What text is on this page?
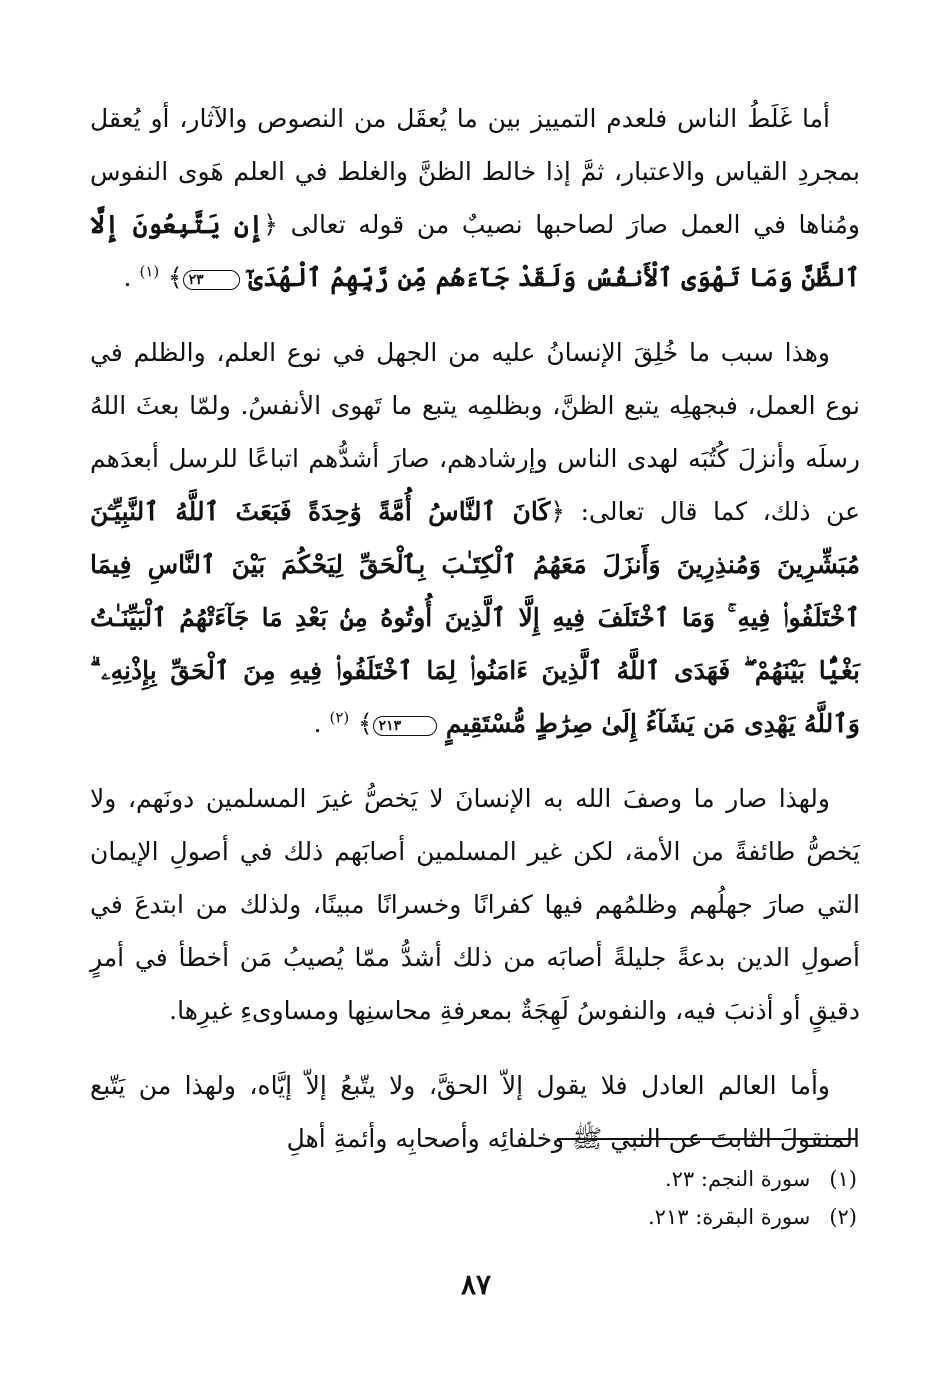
أما غَلَطُ الناس فلعدم التمييز بين ما يُعقَل من النصوص والآثار، أو يُعقل بمجردِ القياس والاعتبار، ثمَّ إذا خالط الظنَّ والغلط في العلم هَوى النفوس ومُناها في العمل صارَ لصاحبها نصيبٌ من قوله تعالى ﴿إِن يَتَّبِعُونَ إِلَّا ٱلظَّنَّ وَمَا تَهْوَى ٱلْأَنفُسُ وَلَقَدْ جَآءَهُم مِّن رَّبِّهِمُ ٱلْهُدَىٰٓ ٢٣﴾ $^{(١)}$ .

وهذا سبب ما خُلِقَ الإنسانُ عليه من الجهل في نوع العلم، والظلم في نوع العمل، فبجهلِه يتبع الظنَّ، وبظلمِه يتبع ما تَهوى الأنفسُ. ولمّا بعثَ اللهُ رسلَه وأنزلَ كُتُبَه لهدى الناس وإرشادهم، صارَ أشدُّهم اتباعًا للرسل أبعدَهم عن ذلك، كما قال تعالى: ﴿كَانَ ٱلنَّاسُ أُمَّةً وَٰحِدَةً فَبَعَثَ ٱللَّهُ ٱلنَّبِيِّـۧنَ مُبَشِّرِينَ وَمُنذِرِينَ وَأَنزَلَ مَعَهُمُ ٱلْكِتَـٰبَ بِٱلْحَقِّ لِيَحْكُمَ بَيْنَ ٱلنَّاسِ فِيمَا ٱخْتَلَفُوا۟ فِيهِ ۚ وَمَا ٱخْتَلَفَ فِيهِ إِلَّا ٱلَّذِينَ أُوتُوهُ مِنۢ بَعْدِ مَا جَآءَتْهُمُ ٱلْبَيِّنَـٰتُ بَغْيًۢا بَيْنَهُمْ ۖ فَهَدَى ٱللَّهُ ٱلَّذِينَ ءَامَنُوا۟ لِمَا ٱخْتَلَفُوا۟ فِيهِ مِنَ ٱلْحَقِّ بِإِذْنِهِۦ ۗ وَٱللَّهُ يَهْدِى مَن يَشَآءُ إِلَىٰ صِرَٰطٍ مُّسْتَقِيمٍ ٢١٣﴾ $^{(٢)}$ .

ولهذا صار ما وصفَ الله به الإنسانَ لا يَخصُّ غيرَ المسلمين دونَهم، ولا يَخصُّ طائفةً من الأمة، لكن غير المسلمين أصابَهم ذلك في أصولِ الإيمان التي صارَ جهلُهم وظلمُهم فيها كفرانًا وخسرانًا مبينًا، ولذلك من ابتدعَ في أصولِ الدين بدعةً جليلةً أصابَه من ذلك أشدُّ ممّا يُصيبُ مَن أخطأ في أمرٍ دقيقٍ أو أذنبَ فيه، والنفوسُ لَهِجَةٌ بمعرفةِ محاسنِها ومساوىءِ غيرِها.

وأما العالم العادل فلا يقول إلاّ الحقَّ، ولا يتّبعُ إلاّ إيَّاه، ولهذا من يَتّبع المنقولَ الثابتَ عن النبي ﷺ وخلفائِه وأصحابِه وأئمةِ أهلِ

(١) سورة النجم: ٢٣.
(٢) سورة البقرة: ٢١٣.
٨٧
